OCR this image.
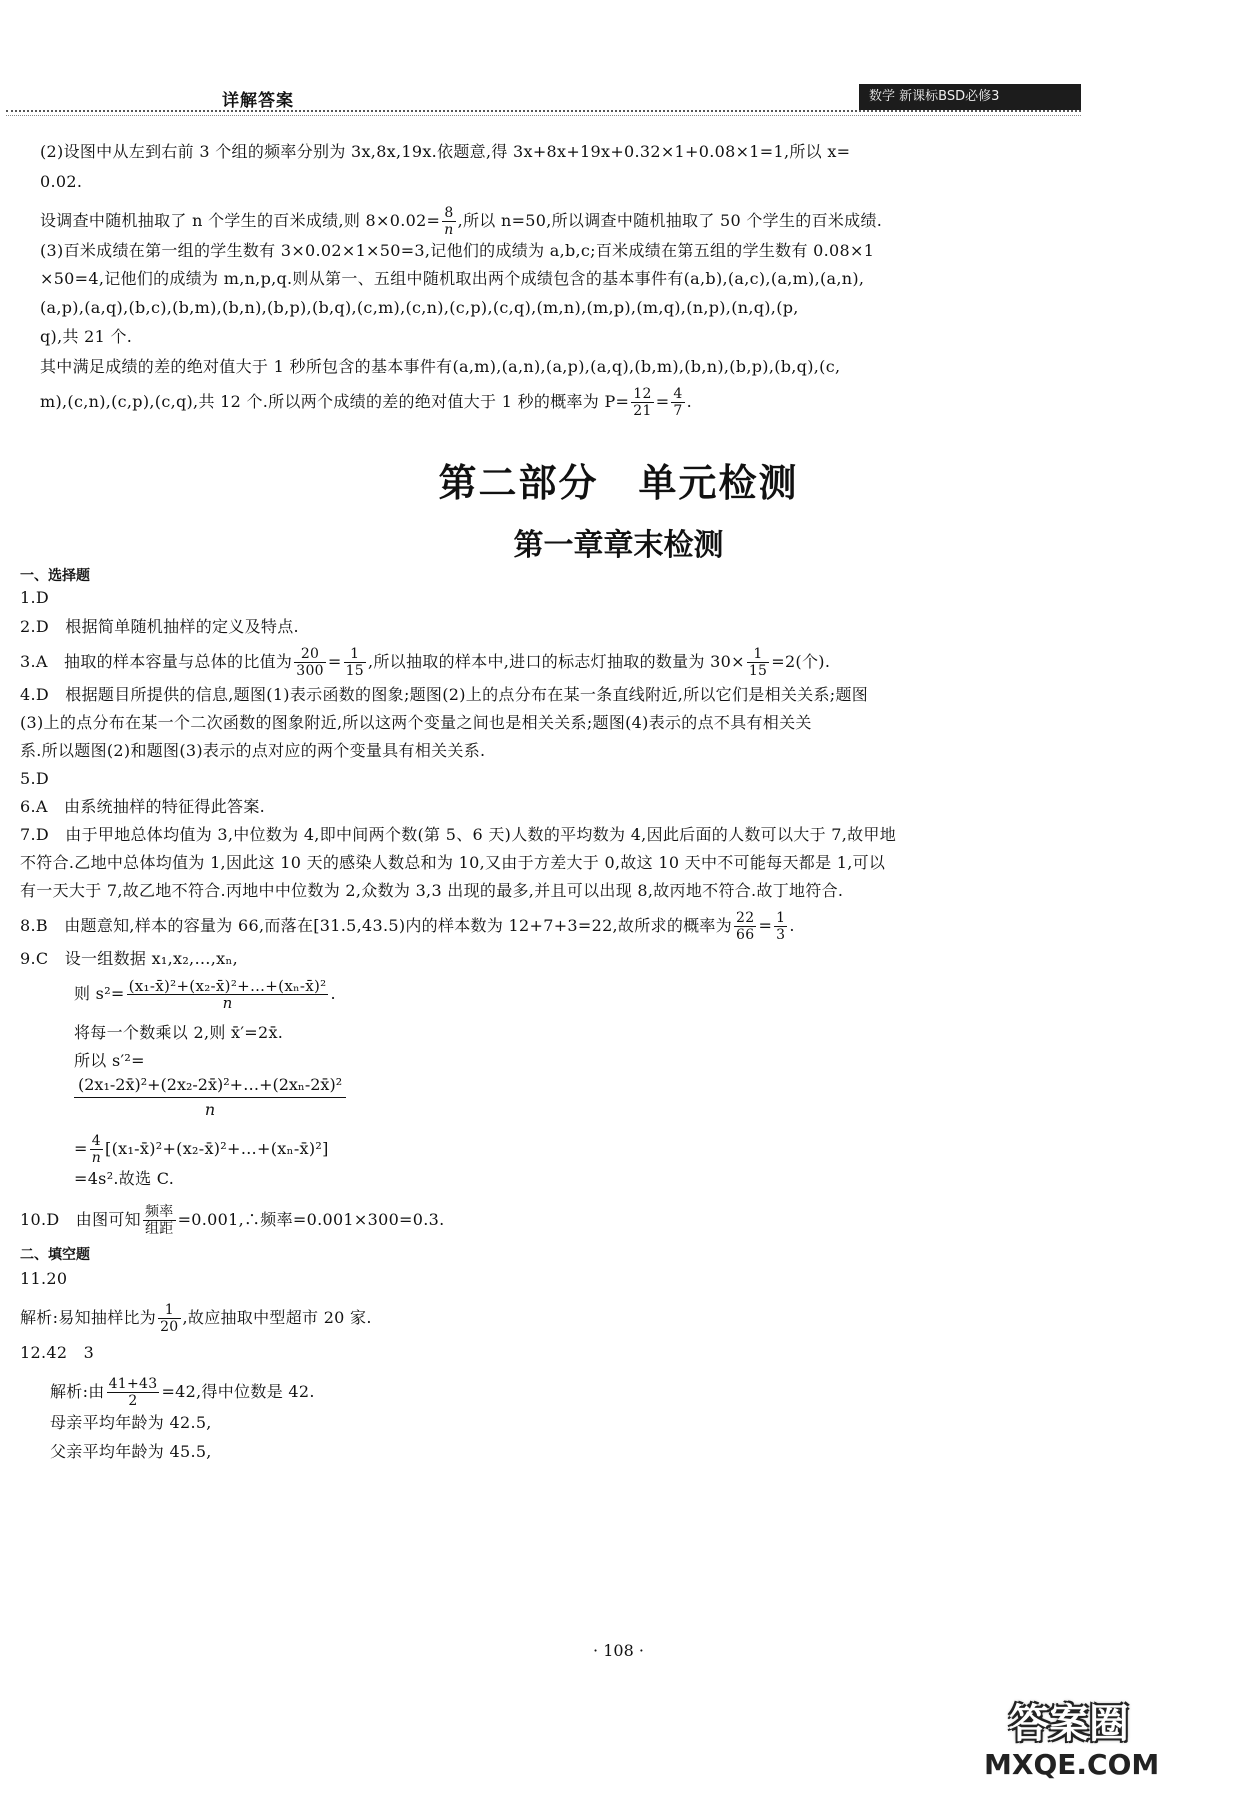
详解答案	数学 新课标BSD必修3
(2)设图中从左到右前 3 个组的频率分别为 3x,8x,19x.依题意,得 3x+8x+19x+0.32×1+0.08×1=1,所以 x=
0.02.
设调查中随机抽取了 n 个学生的百米成绩,则 $8\times 0.02= \frac{8}{n}$ ,所以 n=50,所以调查中随机抽取了 50 个学生的百米成绩.
(3)百米成绩在第一组的学生数有 3×0.02×1×50=3,记他们的成绩为 a,b,c;百米成绩在第五组的学生数有 0.08×1
×50=4,记他们的成绩为 m,n,p,q.则从第一、五组中随机取出两个成绩包含的基本事件有(a,b),(a,c),(a,m),(a,n),
(a,p),(a,q),(b,c),(b,m),(b,n),(b,p),(b,q),(c,m),(c,n),(c,p),(c,q),(m,n),(m,p),(m,q),(n,p),(n,q),(p,
q),共 21 个.
其中满足成绩的差的绝对值大于 1 秒所包含的基本事件有(a,m),(a,n),(a,p),(a,q),(b,m),(b,n),(b,p),(b,q),(c,
m),(c,n),(c,p),(c,q),共 12 个.所以两个成绩的差的绝对值大于 1 秒的概率为 $P= \frac{12}{21} = \frac{4}{7}$ .
第二部分　单元检测
第一章章末检测
一、选择题
1.D
2.D　根据简单随机抽样的定义及特点.
3.A　抽取的样本容量与总体的比值为 $\frac{20}{300} = \frac{1}{15}$ ,所以抽取的样本中,进口的标志灯抽取的数量为 $30\times \frac{1}{15} =2$(个).
4.D　根据题目所提供的信息,题图(1)表示函数的图象;题图(2)上的点分布在某一条直线附近,所以它们是相关关系;题图
(3)上的点分布在某一个二次函数的图象附近,所以这两个变量之间也是相关关系;题图(4)表示的点不具有相关关
系.所以题图(2)和题图(3)表示的点对应的两个变量具有相关关系.
5.D
6.A　由系统抽样的特征得此答案.
7.D　由于甲地总体均值为 3,中位数为 4,即中间两个数(第 5、6 天)人数的平均数为 4,因此后面的人数可以大于 7,故甲地
不符合.乙地中总体均值为 1,因此这 10 天的感染人数总和为 10,又由于方差大于 0,故这 10 天中不可能每天都是 1,可以
有一天大于 7,故乙地不符合.丙地中中位数为 2,众数为 3,3 出现的最多,并且可以出现 8,故丙地不符合.故丁地符合.
8.B　由题意知,样本的容量为 66,而落在[31.5,43.5)内的样本数为 12+7+3=22,故所求的概率为 $\frac{22}{66} = \frac{1}{3}$ .
9.C　设一组数据 x₁,x₂,…,xₙ,
则 $s^2= \frac{\text{(x₁-x̄)²+(x₂-x̄)²+…+(xₙ-x̄)²}}{n}$ .
将每一个数乘以 2,则 x̄′=2x̄.
所以 s′²=
$\frac{\text{(2x₁-2x̄)²+(2x₂-2x̄)²+…+(2xₙ-2x̄)²}}{n}$
= $\frac{4}{n}$ [(x₁-x̄)²+(x₂-x̄)²+…+(xₙ-x̄)²]
=4s².故选 C.
10.D　由图可知 $\frac{\text{频率}}{\text{组距}}$ =0.001,∴频率=0.001×300=0.3.
二、填空题
11.20
解析:易知抽样比为 $\frac{1}{20}$ ,故应抽取中型超市 20 家.
12.42　3
解析:由 $\frac{41+43}{2} =42$,得中位数是 42.
母亲平均年龄为 42.5,
父亲平均年龄为 45.5,
· 108 ·
答案圈
MXQE.COM
